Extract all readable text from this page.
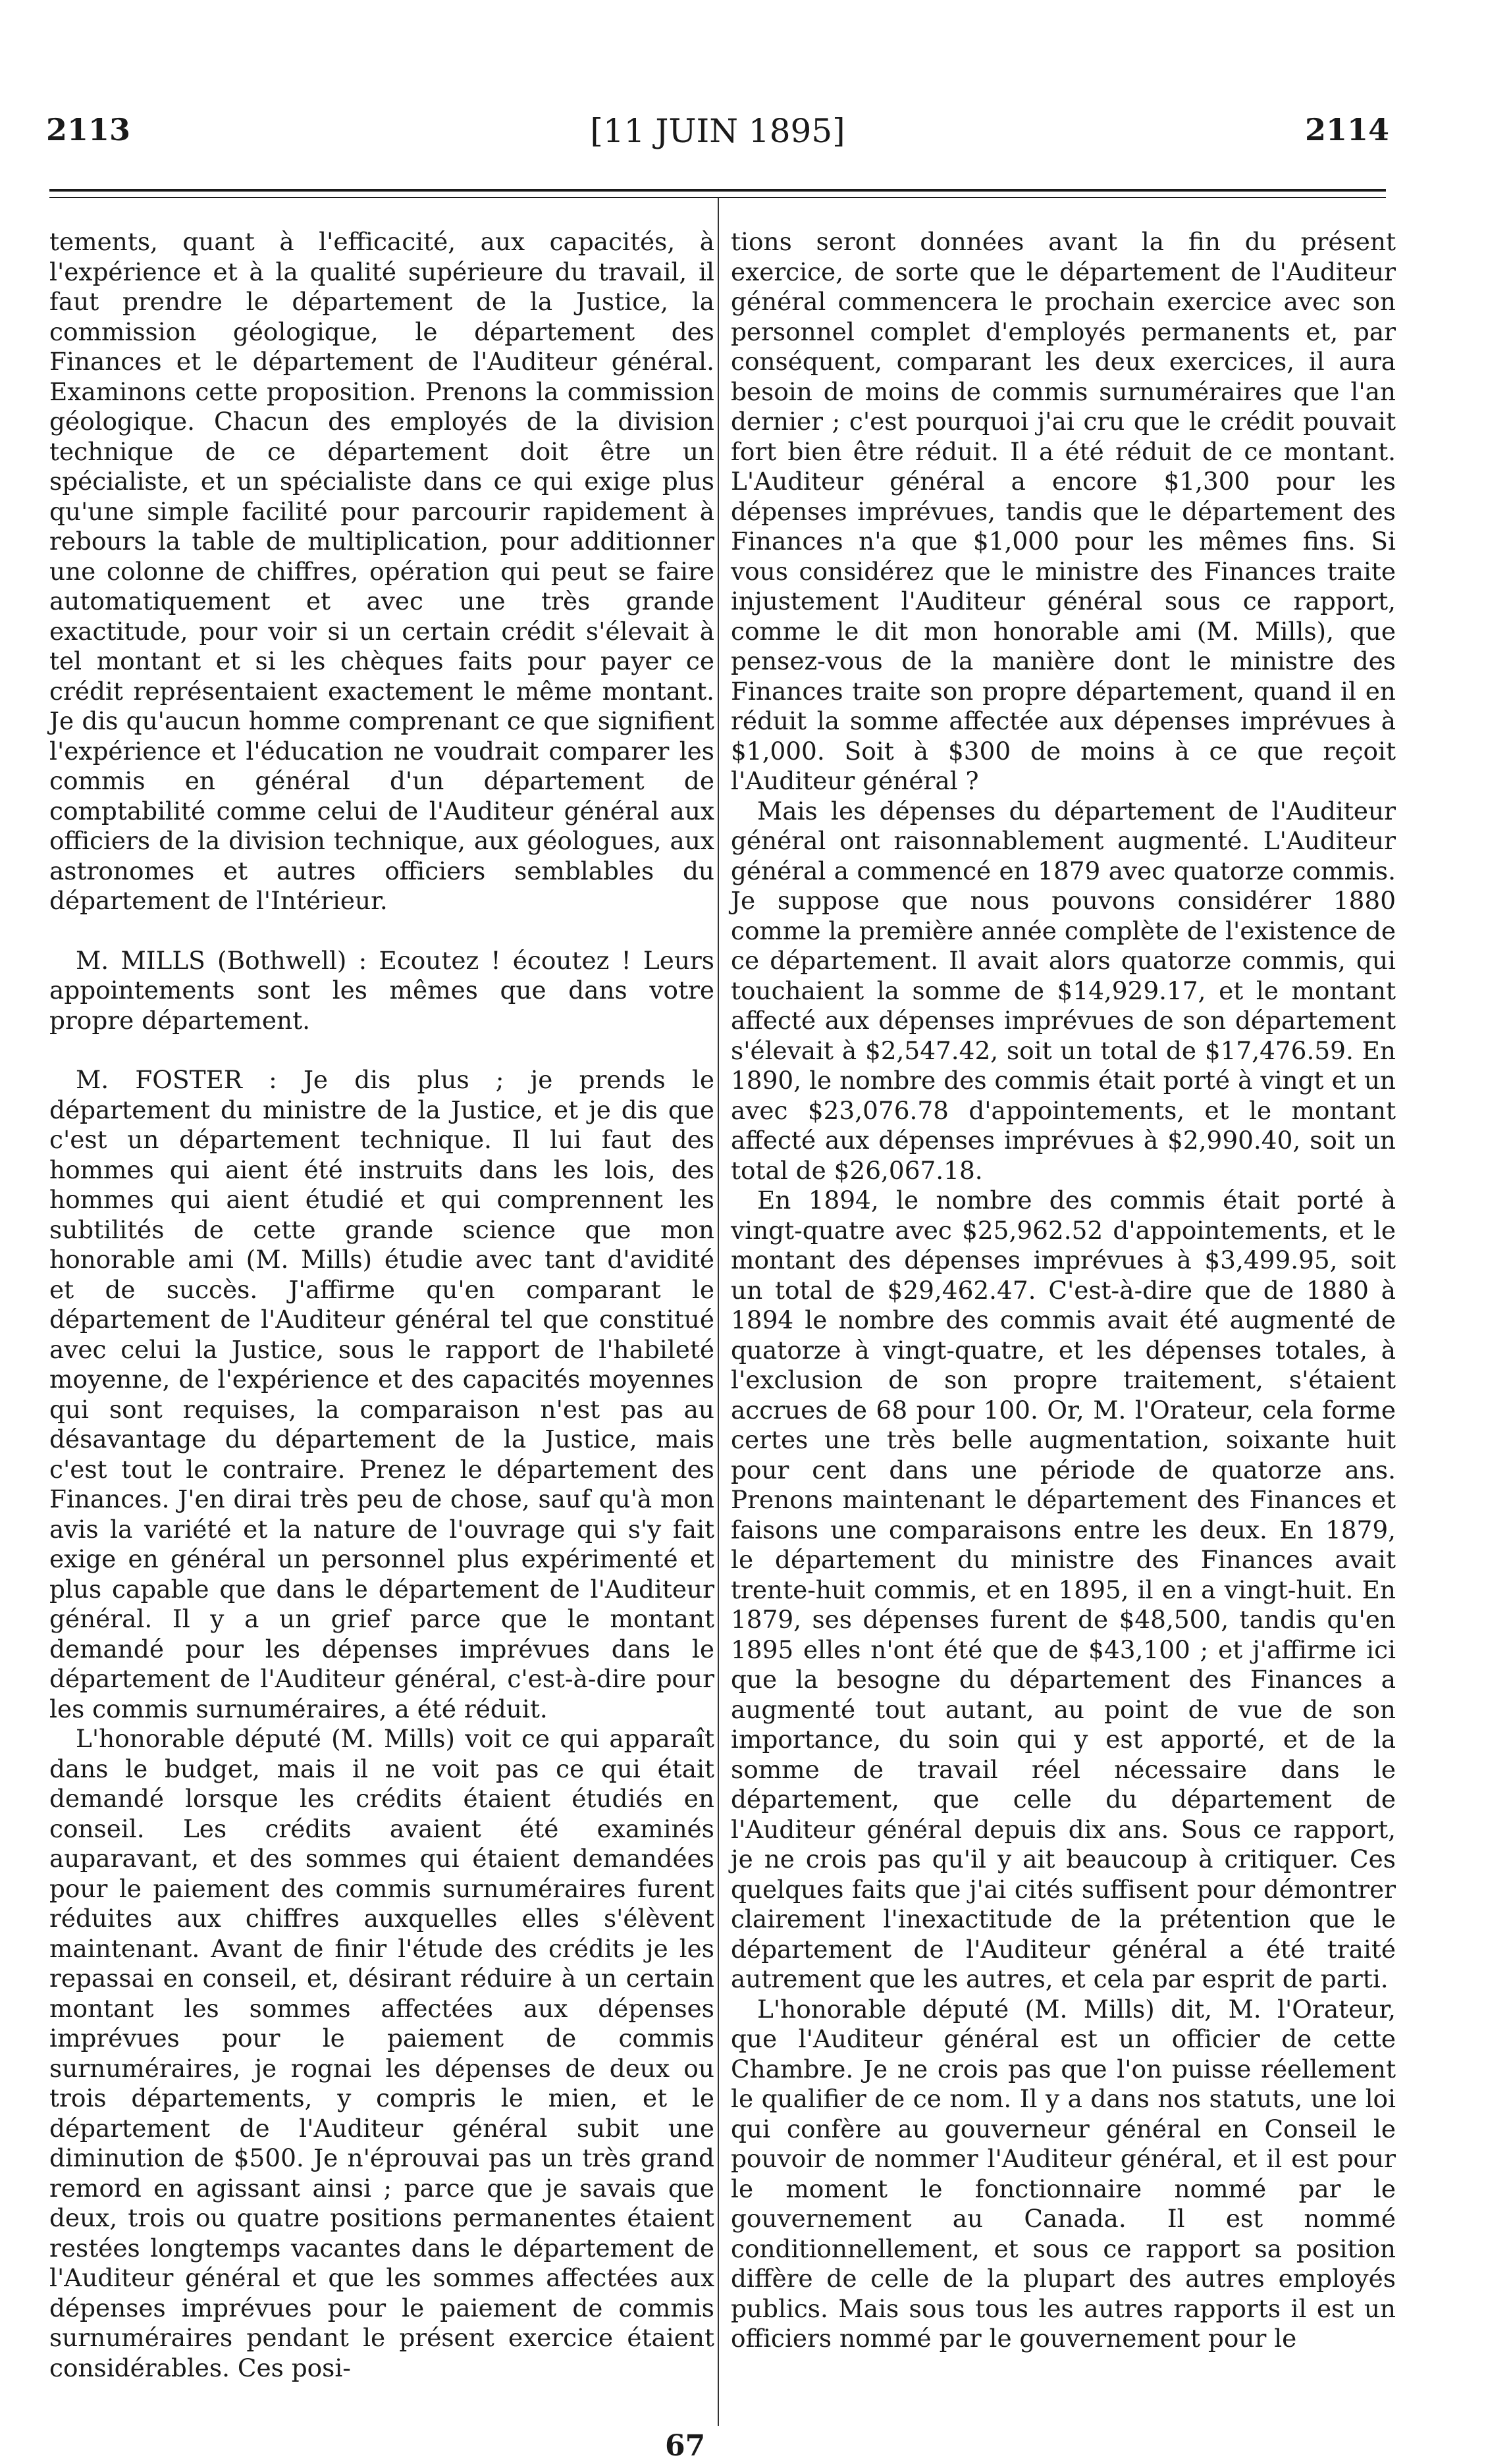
2113	[11 JUIN 1895]	2114

tements, quant à l'efficacité, aux capacités, à l'expérience et à la qualité supérieure du travail, il faut prendre le département de la Justice, la commission géologique, le département des Finances et le département de l'Auditeur général. Examinons cette proposition. Prenons la commission géologique. Chacun des employés de la division technique de ce département doit être un spécialiste, et un spécialiste dans ce qui exige plus qu'une simple facilité pour parcourir rapidement à rebours la table de multiplication, pour additionner une colonne de chiffres, opération qui peut se faire automatiquement et avec une très grande exactitude, pour voir si un certain crédit s'élevait à tel montant et si les chèques faits pour payer ce crédit représentaient exactement le même montant. Je dis qu'aucun homme comprenant ce que signifient l'expérience et l'éducation ne voudrait comparer les commis en général d'un département de comptabilité comme celui de l'Auditeur général aux officiers de la division technique, aux géologues, aux astronomes et autres officiers semblables du département de l'Intérieur.

M. MILLS (Bothwell) : Ecoutez ! écoutez ! Leurs appointements sont les mêmes que dans votre propre département.

M. FOSTER : Je dis plus ; je prends le département du ministre de la Justice, et je dis que c'est un département technique. Il lui faut des hommes qui aient été instruits dans les lois, des hommes qui aient étudié et qui comprennent les subtilités de cette grande science que mon honorable ami (M. Mills) étudie avec tant d'avidité et de succès. J'affirme qu'en comparant le département de l'Auditeur général tel que constitué avec celui la Justice, sous le rapport de l'habileté moyenne, de l'expérience et des capacités moyennes qui sont requises, la comparaison n'est pas au désavantage du département de la Justice, mais c'est tout le contraire. Prenez le département des Finances. J'en dirai très peu de chose, sauf qu'à mon avis la variété et la nature de l'ouvrage qui s'y fait exige en général un personnel plus expérimenté et plus capable que dans le département de l'Auditeur général. Il y a un grief parce que le montant demandé pour les dépenses imprévues dans le département de l'Auditeur général, c'est-à-dire pour les commis surnuméraires, a été réduit.

L'honorable député (M. Mills) voit ce qui apparaît dans le budget, mais il ne voit pas ce qui était demandé lorsque les crédits étaient étudiés en conseil. Les crédits avaient été examinés auparavant, et des sommes qui étaient demandées pour le paiement des commis surnuméraires furent réduites aux chiffres auxquelles elles s'élèvent maintenant. Avant de finir l'étude des crédits je les repassai en conseil, et, désirant réduire à un certain montant les sommes affectées aux dépenses imprévues pour le paiement de commis surnuméraires, je rognai les dépenses de deux ou trois départements, y compris le mien, et le département de l'Auditeur général subit une diminution de $500. Je n'éprouvai pas un très grand remord en agissant ainsi ; parce que je savais que deux, trois ou quatre positions permanentes étaient restées longtemps vacantes dans le département de l'Auditeur général et que les sommes affectées aux dépenses imprévues pour le paiement de commis surnuméraires pendant le présent exercice étaient considérables. Ces posi-

tions seront données avant la fin du présent exercice, de sorte que le département de l'Auditeur général commencera le prochain exercice avec son personnel complet d'employés permanents et, par conséquent, comparant les deux exercices, il aura besoin de moins de commis surnuméraires que l'an dernier ; c'est pourquoi j'ai cru que le crédit pouvait fort bien être réduit. Il a été réduit de ce montant. L'Auditeur général a encore $1,300 pour les dépenses imprévues, tandis que le département des Finances n'a que $1,000 pour les mêmes fins. Si vous considérez que le ministre des Finances traite injustement l'Auditeur général sous ce rapport, comme le dit mon honorable ami (M. Mills), que pensez-vous de la manière dont le ministre des Finances traite son propre département, quand il en réduit la somme affectée aux dépenses imprévues à $1,000. Soit à $300 de moins à ce que reçoit l'Auditeur général ?

Mais les dépenses du département de l'Auditeur général ont raisonnablement augmenté. L'Auditeur général a commencé en 1879 avec quatorze commis. Je suppose que nous pouvons considérer 1880 comme la première année complète de l'existence de ce département. Il avait alors quatorze commis, qui touchaient la somme de $14,929.17, et le montant affecté aux dépenses imprévues de son département s'élevait à $2,547.42, soit un total de $17,476.59. En 1890, le nombre des commis était porté à vingt et un avec $23,076.78 d'appointements, et le montant affecté aux dépenses imprévues à $2,990.40, soit un total de $26,067.18.

En 1894, le nombre des commis était porté à vingt-quatre avec $25,962.52 d'appointements, et le montant des dépenses imprévues à $3,499.95, soit un total de $29,462.47. C'est-à-dire que de 1880 à 1894 le nombre des commis avait été augmenté de quatorze à vingt-quatre, et les dépenses totales, à l'exclusion de son propre traitement, s'étaient accrues de 68 pour 100. Or, M. l'Orateur, cela forme certes une très belle augmentation, soixante huit pour cent dans une période de quatorze ans. Prenons maintenant le département des Finances et faisons une comparaisons entre les deux. En 1879, le département du ministre des Finances avait trente-huit commis, et en 1895, il en a vingt-huit. En 1879, ses dépenses furent de $48,500, tandis qu'en 1895 elles n'ont été que de $43,100 ; et j'affirme ici que la besogne du département des Finances a augmenté tout autant, au point de vue de son importance, du soin qui y est apporté, et de la somme de travail réel nécessaire dans le département, que celle du département de l'Auditeur général depuis dix ans. Sous ce rapport, je ne crois pas qu'il y ait beaucoup à critiquer. Ces quelques faits que j'ai cités suffisent pour démontrer clairement l'inexactitude de la prétention que le département de l'Auditeur général a été traité autrement que les autres, et cela par esprit de parti.

L'honorable député (M. Mills) dit, M. l'Orateur, que l'Auditeur général est un officier de cette Chambre. Je ne crois pas que l'on puisse réellement le qualifier de ce nom. Il y a dans nos statuts, une loi qui confère au gouverneur général en Conseil le pouvoir de nommer l'Auditeur général, et il est pour le moment le fonctionnaire nommé par le gouvernement au Canada. Il est nommé conditionnellement, et sous ce rapport sa position diffère de celle de la plupart des autres employés publics. Mais sous tous les autres rapports il est un officiers nommé par le gouvernement pour le

67
